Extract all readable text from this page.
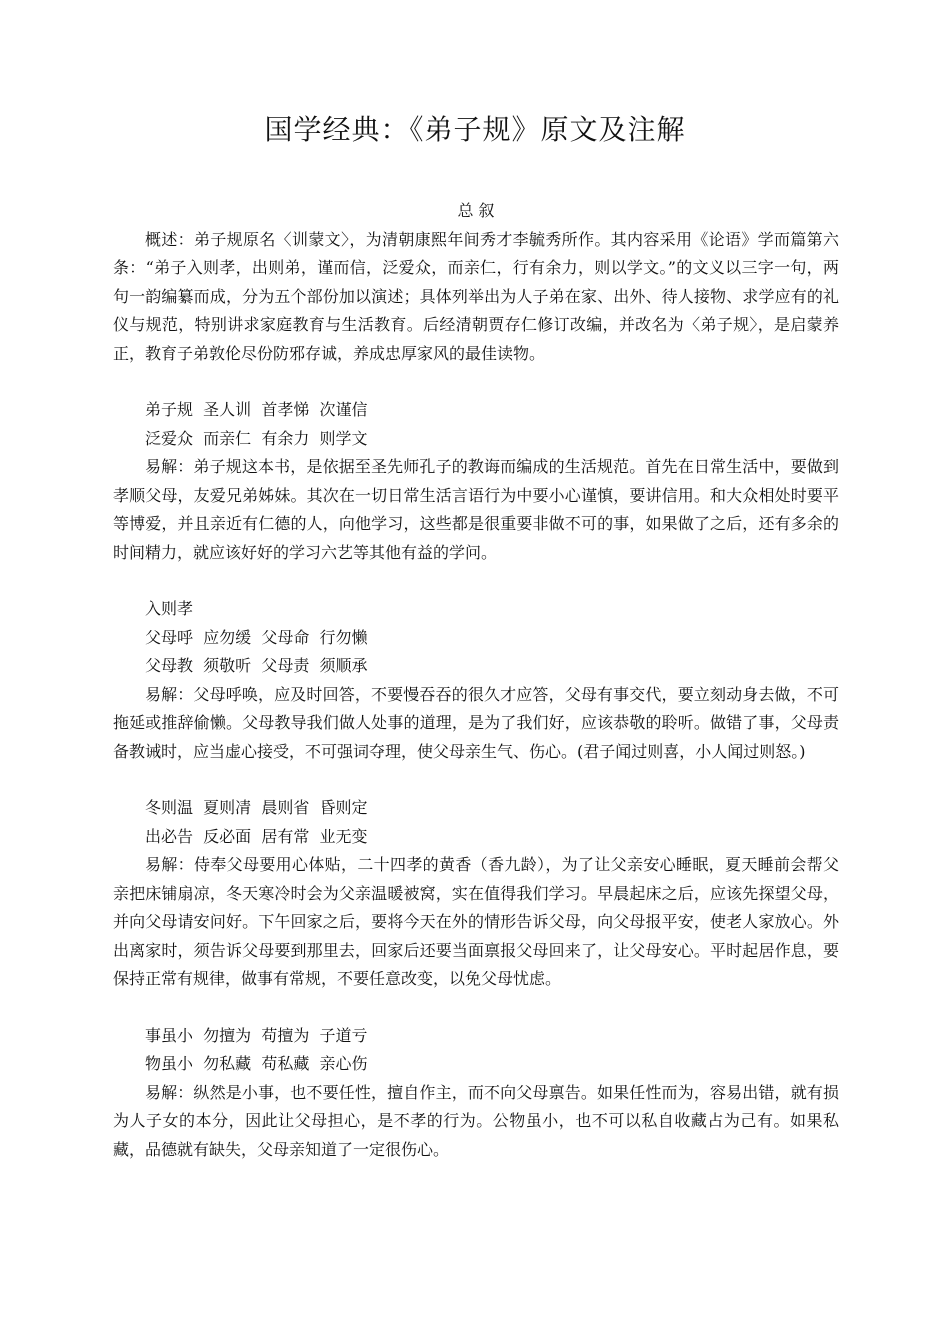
国学经典：《弟子规》原文及注解

总 叙

概述：弟子规原名〈训蒙文〉，为清朝康熙年间秀才李毓秀所作。其内容采用《论语》学而篇第六条：“弟子入则孝，出则弟，谨而信，泛爱众，而亲仁，行有余力，则以学文。”的文义以三字一句，两句一韵编纂而成，分为五个部份加以演述；具体列举出为人子弟在家、出外、待人接物、求学应有的礼仪与规范，特别讲求家庭教育与生活教育。后经清朝贾存仁修订改编，并改名为〈弟子规〉，是启蒙养正，教育子弟敦伦尽份防邪存诚，养成忠厚家风的最佳读物。

弟子规  圣人训  首孝悌  次谨信

泛爱众  而亲仁  有余力  则学文

易解：弟子规这本书，是依据至圣先师孔子的教诲而编成的生活规范。首先在日常生活中，要做到孝顺父母，友爱兄弟姊妹。其次在一切日常生活言语行为中要小心谨慎，要讲信用。和大众相处时要平等博爱，并且亲近有仁德的人，向他学习，这些都是很重要非做不可的事，如果做了之后，还有多余的时间精力，就应该好好的学习六艺等其他有益的学问。

入则孝

父母呼  应勿缓  父母命  行勿懒

父母教  须敬听  父母责  须顺承

易解：父母呼唤，应及时回答，不要慢吞吞的很久才应答，父母有事交代，要立刻动身去做，不可拖延或推辞偷懒。父母教导我们做人处事的道理，是为了我们好，应该恭敬的聆听。做错了事，父母责备教诫时，应当虚心接受，不可强词夺理，使父母亲生气、伤心。(君子闻过则喜，小人闻过则怒。)

冬则温  夏则凊  晨则省  昏则定

出必告  反必面  居有常  业无变

易解：侍奉父母要用心体贴，二十四孝的黄香（香九龄），为了让父亲安心睡眠，夏天睡前会帮父亲把床铺扇凉，冬天寒冷时会为父亲温暖被窝，实在值得我们学习。早晨起床之后，应该先探望父母，并向父母请安问好。下午回家之后，要将今天在外的情形告诉父母，向父母报平安，使老人家放心。外出离家时，须告诉父母要到那里去，回家后还要当面禀报父母回来了，让父母安心。平时起居作息，要保持正常有规律，做事有常规，不要任意改变，以免父母忧虑。

事虽小  勿擅为  苟擅为  子道亏

物虽小  勿私藏  苟私藏  亲心伤

易解：纵然是小事，也不要任性，擅自作主，而不向父母禀告。如果任性而为，容易出错，就有损为人子女的本分，因此让父母担心，是不孝的行为。公物虽小，也不可以私自收藏占为己有。如果私藏，品德就有缺失，父母亲知道了一定很伤心。
